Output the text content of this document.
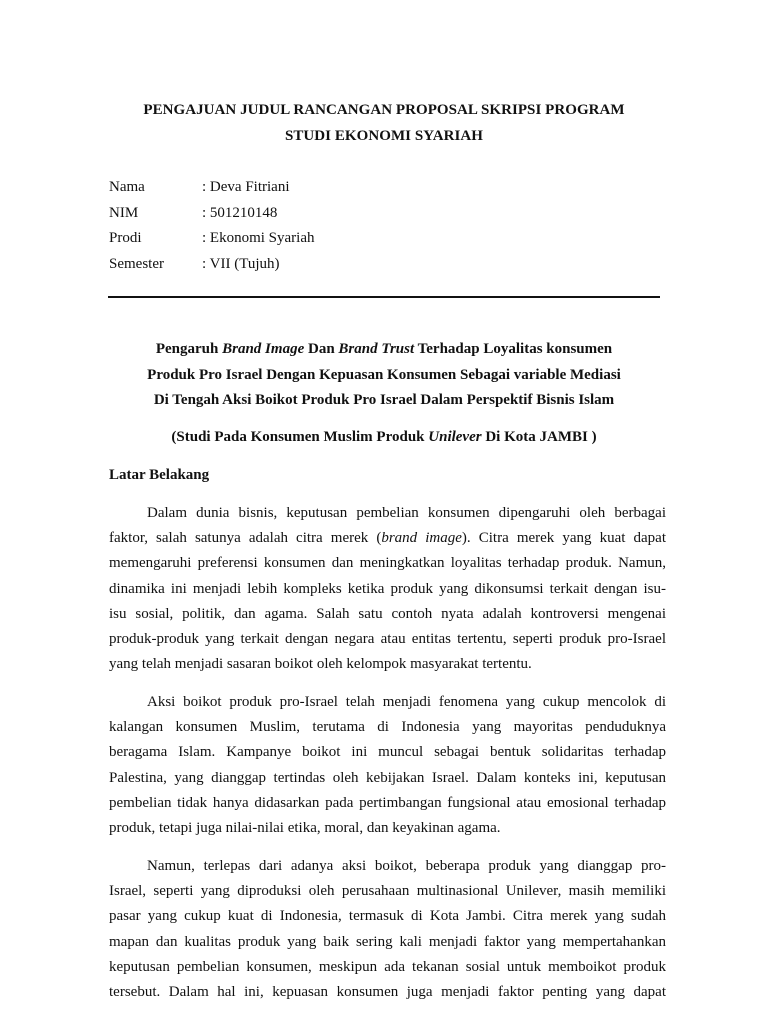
PENGAJUAN JUDUL RANCANGAN PROPOSAL SKRIPSI PROGRAM
STUDI EKONOMI SYARIAH
Nama	: Deva Fitriani
NIM	: 501210148
Prodi	: Ekonomi Syariah
Semester	: VII (Tujuh)
Pengaruh Brand Image Dan Brand Trust Terhadap Loyalitas konsumen
Produk Pro Israel Dengan Kepuasan Konsumen Sebagai variable Mediasi
Di Tengah Aksi Boikot Produk Pro Israel Dalam Perspektif Bisnis Islam
(Studi Pada Konsumen Muslim Produk Unilever Di Kota JAMBI )
Latar Belakang
Dalam dunia bisnis, keputusan pembelian konsumen dipengaruhi oleh berbagai
faktor, salah satunya adalah citra merek (brand image). Citra merek yang kuat dapat
memengaruhi preferensi konsumen dan meningkatkan loyalitas terhadap produk. Namun,
dinamika ini menjadi lebih kompleks ketika produk yang dikonsumsi terkait dengan isu-
isu sosial, politik, dan agama. Salah satu contoh nyata adalah kontroversi mengenai
produk-produk yang terkait dengan negara atau entitas tertentu, seperti produk pro-Israel
yang telah menjadi sasaran boikot oleh kelompok masyarakat tertentu.
Aksi boikot produk pro-Israel telah menjadi fenomena yang cukup mencolok di
kalangan konsumen Muslim, terutama di Indonesia yang mayoritas penduduknya
beragama Islam. Kampanye boikot ini muncul sebagai bentuk solidaritas terhadap
Palestina, yang dianggap tertindas oleh kebijakan Israel. Dalam konteks ini, keputusan
pembelian tidak hanya didasarkan pada pertimbangan fungsional atau emosional terhadap
produk, tetapi juga nilai-nilai etika, moral, dan keyakinan agama.
Namun, terlepas dari adanya aksi boikot, beberapa produk yang dianggap pro-
Israel, seperti yang diproduksi oleh perusahaan multinasional Unilever, masih memiliki
pasar yang cukup kuat di Indonesia, termasuk di Kota Jambi. Citra merek yang sudah
mapan dan kualitas produk yang baik sering kali menjadi faktor yang mempertahankan
keputusan pembelian konsumen, meskipun ada tekanan sosial untuk memboikot produk
tersebut. Dalam hal ini, kepuasan konsumen juga menjadi faktor penting yang dapat
